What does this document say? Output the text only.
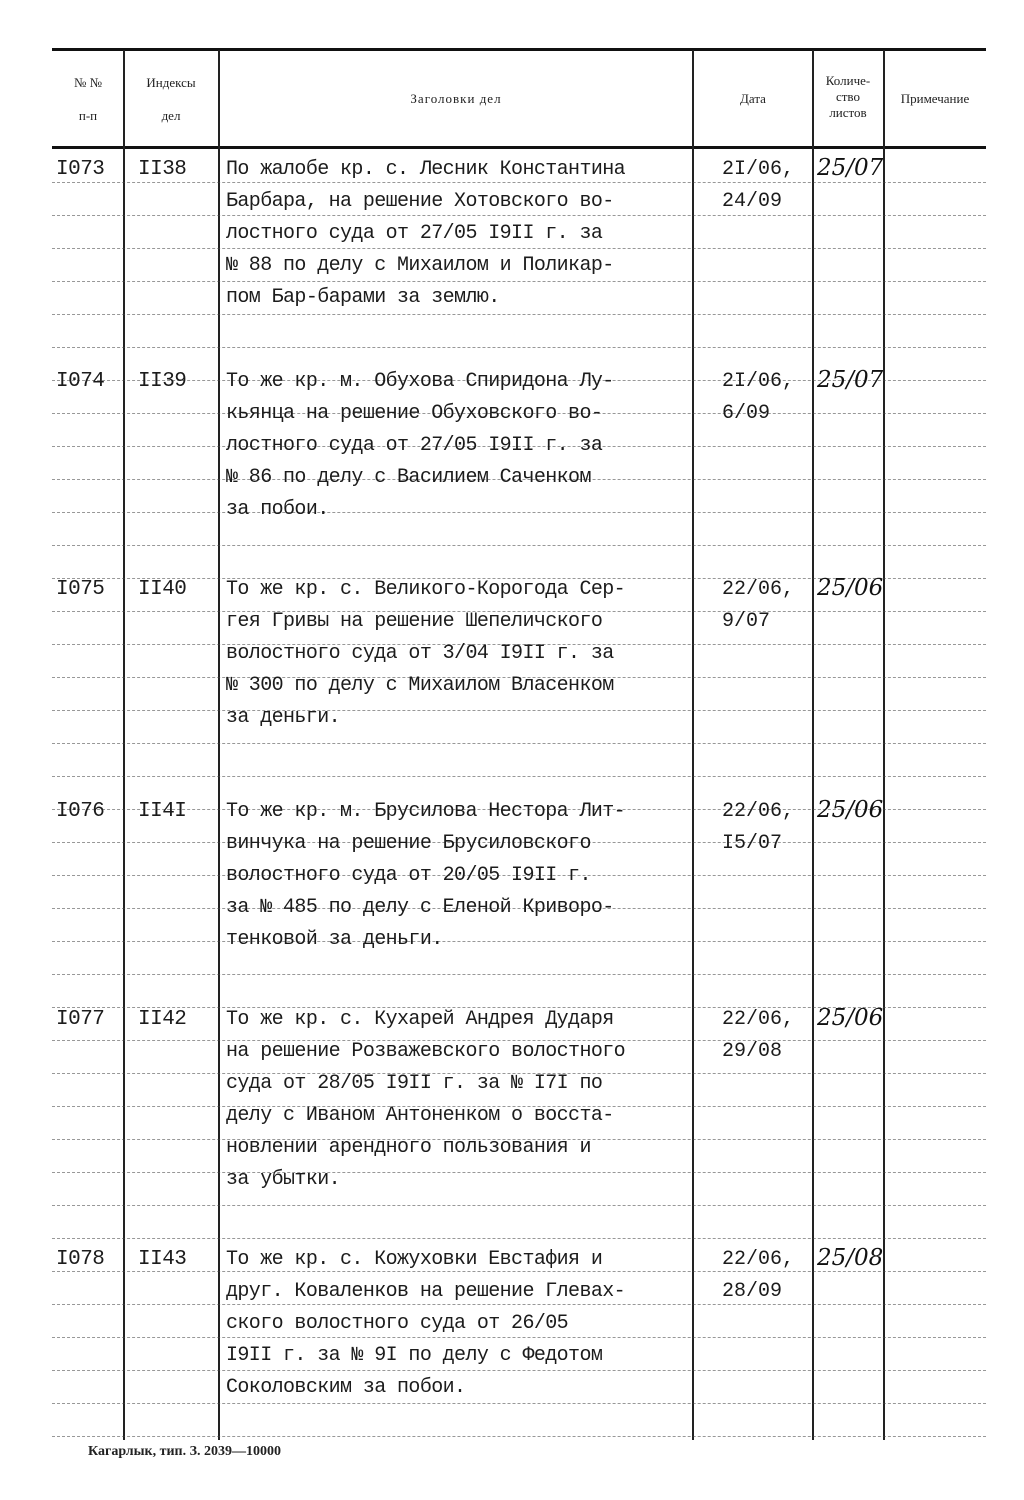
№ №
п-п
Индексы
дел
Заголовки дел	Дата
Количе-
ство
листов
Примечание
I073 II38 По жалобе кр. с. Лесник Константина
Барбара, на решение Хотовского во-
лостного суда от 27/05 I9II г. за
№ 88 по делу с Михаилом и Поликар-
пом Бар-барами за землю.
2I/06,
24/09
25/07
I074 II39 То же кр. м. Обухова Спиридона Лу-
кьянца на решение Обуховского во-
лостного суда от 27/05 I9II г. за
№ 86 по делу с Василием Саченком
за побои.
2I/06,
6/09
25/07
I075 II40 То же кр. с. Великого-Корогода Сер-
гея Гривы на решение Шепеличского
волостного суда от 3/04 I9II г. за
№ 300 по делу с Михаилом Власенком
за деньги.
22/06,
9/07
25/06
I076 II4I То же кр. м. Брусилова Нестора Лит-
винчука на решение Брусиловского
волостного суда от 20/05 I9II г.
за № 485 по делу с Еленой Криворо-
тенковой за деньги.
22/06,
I5/07
25/06
I077 II42 То же кр. с. Кухарей Андрея Дударя
на решение Розважевского волостного
суда от 28/05 I9II г. за № I7I по
делу с Иваном Антоненком о восста-
новлении арендного пользования и
за убытки.
22/06,
29/08
25/06
I078 II43 То же кр. с. Кожуховки Евстафия и
друг. Коваленков на решение Глевах-
ского волостного суда от 26/05
I9II г. за № 9I по делу с Федотом
Соколовским за побои.
22/06,
28/09
25/08
Кагарлык, тип. З. 2039—10000
